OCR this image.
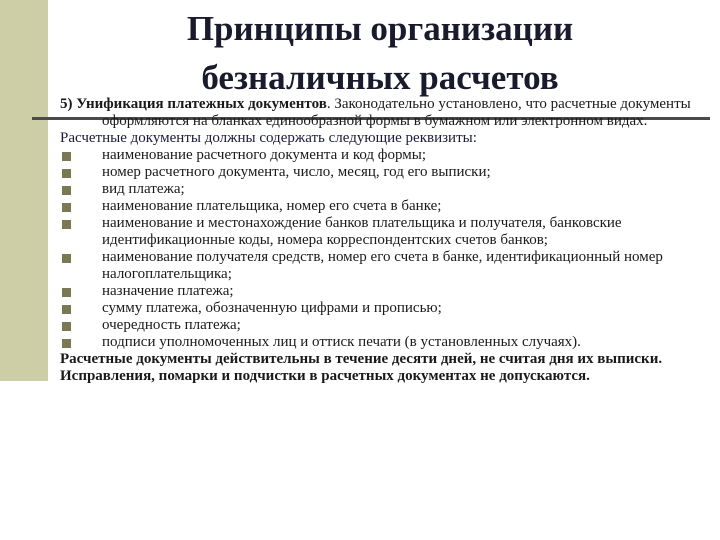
Принципы организации
безналичных расчетов

5) Унификация платежных документов. Законодательно установлено, что расчетные документы оформляются на бланках единообразной формы в бумажном или электронном видах.

Расчетные документы должны содержать следующие реквизиты:

наименование расчетного документа и код формы;
номер расчетного документа, число, месяц, год его выписки;
вид платежа;
наименование плательщика, номер его счета в банке;
наименование и местонахождение банков плательщика и получателя, банковские идентификационные коды, номера корреспондентских счетов банков;
наименование получателя средств, номер его счета в банке, идентификационный номер налогоплательщика;
назначение платежа;
сумму платежа, обозначенную цифрами и прописью;
очередность платежа;
подписи уполномоченных лиц и оттиск печати (в установленных случаях).

Расчетные документы действительны в течение десяти дней, не считая дня их выписки.

Исправления, помарки и подчистки в расчетных документах не допускаются.
